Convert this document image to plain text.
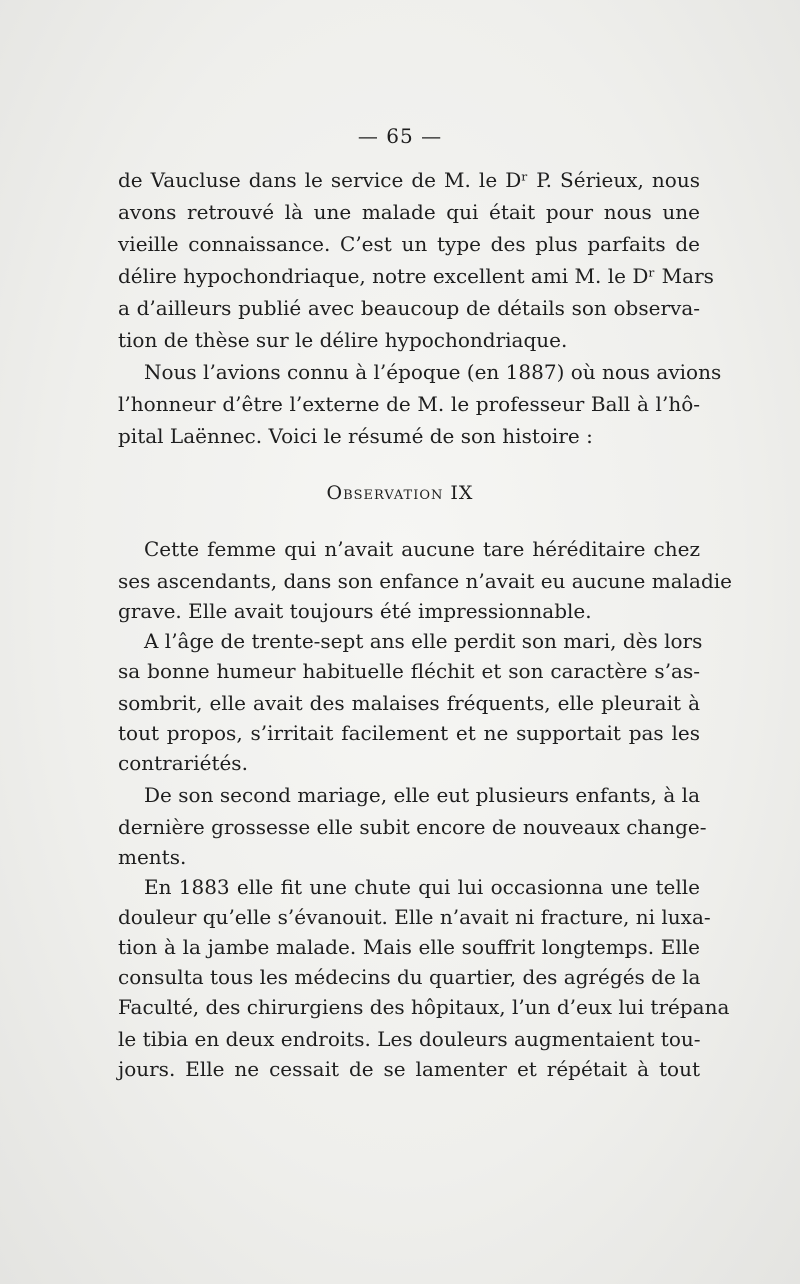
— 65 —
de Vaucluse dans le service de M. le Dʳ P. Sérieux, nous
avons retrouvé là une malade qui était pour nous une
vieille connaissance. C’est un type des plus parfaits de
délire hypochondriaque, notre excellent ami M. le Dʳ Mars
a d’ailleurs publié avec beaucoup de détails son observa-
tion de thèse sur le délire hypochondriaque.
Nous l’avions connu à l’époque (en 1887) où nous avions
l’honneur d’être l’externe de M. le professeur Ball à l’hô-
pital Laënnec. Voici le résumé de son histoire :
Cette femme qui n’avait aucune tare héréditaire chez
ses ascendants, dans son enfance n’avait eu aucune maladie
grave. Elle avait toujours été impressionnable.
A l’âge de trente-sept ans elle perdit son mari, dès lors
sa bonne humeur habituelle fléchit et son caractère s’as-
sombrit, elle avait des malaises fréquents, elle pleurait à
tout propos, s’irritait facilement et ne supportait pas les
contrariétés.
De son second mariage, elle eut plusieurs enfants, à la
dernière grossesse elle subit encore de nouveaux change-
ments.
En 1883 elle fit une chute qui lui occasionna une telle
douleur qu’elle s’évanouit. Elle n’avait ni fracture, ni luxa-
tion à la jambe malade. Mais elle souffrit longtemps. Elle
consulta tous les médecins du quartier, des agrégés de la
Faculté, des chirurgiens des hôpitaux, l’un d’eux lui trépana
le tibia en deux endroits. Les douleurs augmentaient tou-
jours. Elle ne cessait de se lamenter et répétait à tout
Observation IX
